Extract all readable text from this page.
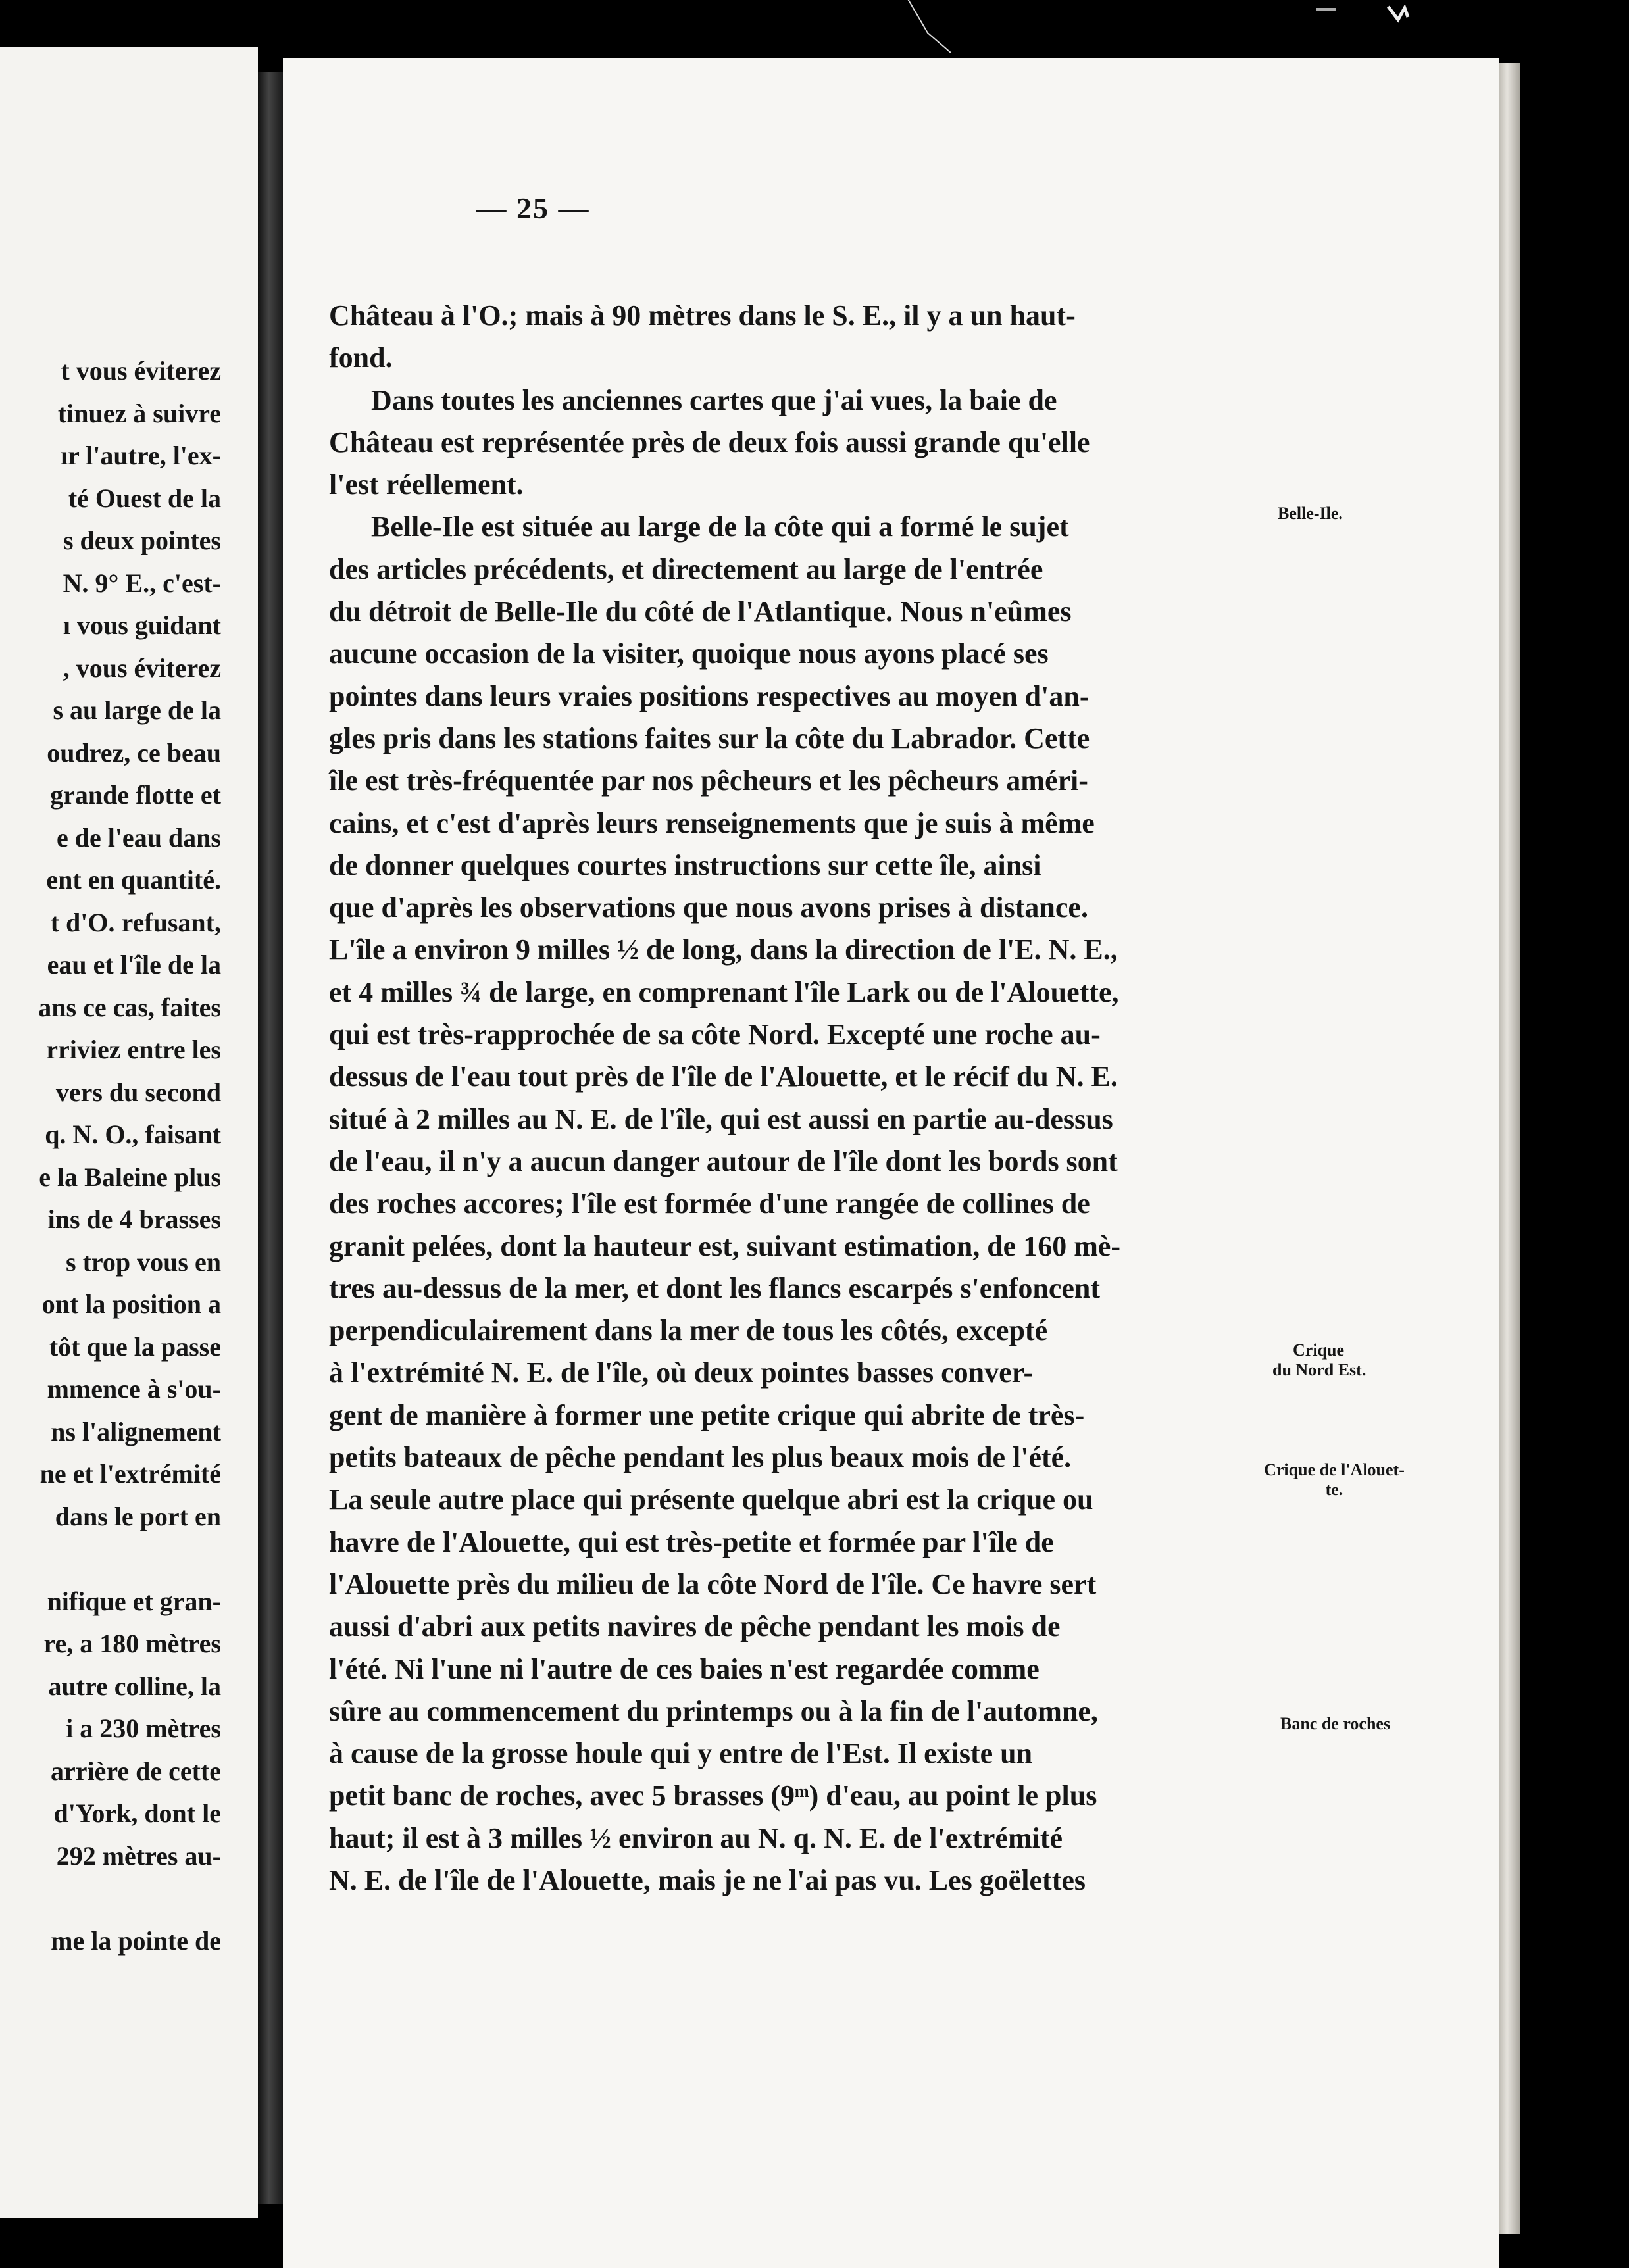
t vous éviterez
tinuez à suivre
ır l'autre, l'ex-
té Ouest de la
s deux pointes
N. 9° E., c'est-
ı vous guidant
, vous éviterez
s au large de la
oudrez, ce beau
grande flotte et
e de l'eau dans
ent en quantité.
t d'O. refusant,
eau et l'île de la
ans ce cas, faites
rriviez entre les
vers du second
q. N. O., faisant
e la Baleine plus
ins de 4 brasses
s trop vous en
ont la position a
tôt que la passe
mmence à s'ou-
ns l'alignement
ne et l'extrémité
dans le port en
nifique et gran-
re, a 180 mètres
autre colline, la
i a 230 mètres
arrière de cette
d'York, dont le
292 mètres au-
me la pointe de
— 25 —
Château à l'O.; mais à 90 mètres dans le S. E., il y a un haut-
fond.
Dans toutes les anciennes cartes que j'ai vues, la baie de
Château est représentée près de deux fois aussi grande qu'elle
l'est réellement.
Belle-Ile est située au large de la côte qui a formé le sujet
des articles précédents, et directement au large de l'entrée
du détroit de Belle-Ile du côté de l'Atlantique. Nous n'eûmes
aucune occasion de la visiter, quoique nous ayons placé ses
pointes dans leurs vraies positions respectives au moyen d'an-
gles pris dans les stations faites sur la côte du Labrador. Cette
île est très-fréquentée par nos pêcheurs et les pêcheurs améri-
cains, et c'est d'après leurs renseignements que je suis à même
de donner quelques courtes instructions sur cette île, ainsi
que d'après les observations que nous avons prises à distance.
L'île a environ 9 milles ½ de long, dans la direction de l'E. N. E.,
et 4 milles ¾ de large, en comprenant l'île Lark ou de l'Alouette,
qui est très-rapprochée de sa côte Nord. Excepté une roche au-
dessus de l'eau tout près de l'île de l'Alouette, et le récif du N. E.
situé à 2 milles au N. E. de l'île, qui est aussi en partie au-dessus
de l'eau, il n'y a aucun danger autour de l'île dont les bords sont
des roches accores; l'île est formée d'une rangée de collines de
granit pelées, dont la hauteur est, suivant estimation, de 160 mè-
tres au-dessus de la mer, et dont les flancs escarpés s'enfoncent
perpendiculairement dans la mer de tous les côtés, excepté
à l'extrémité N. E. de l'île, où deux pointes basses conver-
gent de manière à former une petite crique qui abrite de très-
petits bateaux de pêche pendant les plus beaux mois de l'été.
La seule autre place qui présente quelque abri est la crique ou
havre de l'Alouette, qui est très-petite et formée par l'île de
l'Alouette près du milieu de la côte Nord de l'île. Ce havre sert
aussi d'abri aux petits navires de pêche pendant les mois de
l'été. Ni l'une ni l'autre de ces baies n'est regardée comme
sûre au commencement du printemps ou à la fin de l'automne,
à cause de la grosse houle qui y entre de l'Est. Il existe un
petit banc de roches, avec 5 brasses (9ᵐ) d'eau, au point le plus
haut; il est à 3 milles ½ environ au N. q. N. E. de l'extrémité
N. E. de l'île de l'Alouette, mais je ne l'ai pas vu. Les goëlettes
Belle-Ile.
Crique
du Nord Est.
Crique de l'Alouet-
te.
Banc de roches
